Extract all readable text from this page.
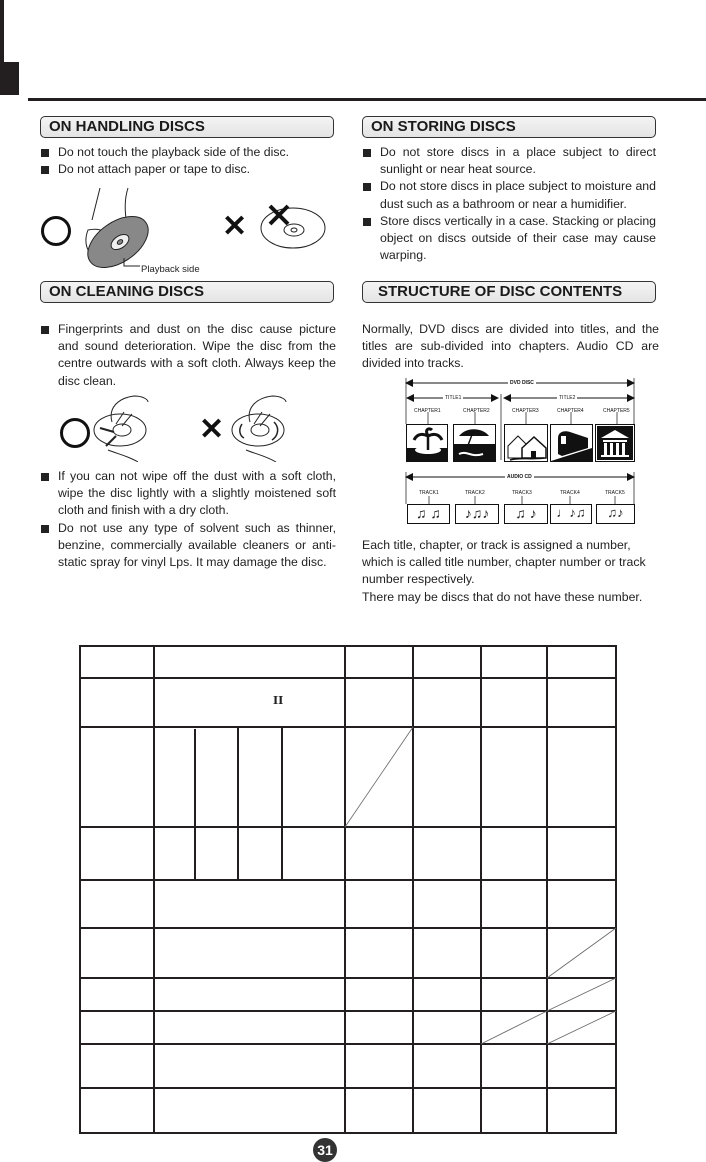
ON HANDLING DISCS
Do not touch the playback side of the disc.
Do not attach paper or tape to disc.
Playback side
✕
ON STORING DISCS
Do not store discs in a place subject to direct sunlight or near heat source.
Do not store discs in place subject to moisture and dust such as a bathroom or near a humidifier.
Store discs vertically in a case. Stacking or placing object on discs outside of their case may cause warping.
ON CLEANING DISCS
Fingerprints and dust on the disc cause picture and sound deterioration. Wipe the disc from the centre outwards with a soft cloth. Always keep the disc clean.
✕
If you can not wipe off the dust with a soft cloth, wipe the disc lightly with a slightly moistened soft cloth and finish with a dry cloth.
Do not use any type of solvent such as thinner, benzine, commercially available cleaners or anti-static spray for vinyl Lps. It may damage the disc.
STRUCTURE OF DISC CONTENTS
Normally, DVD discs are divided into titles, and the titles are sub-divided into chapters. Audio CD are divided into tracks.
DVD DISC
TITLE1	TITLE2
CHAPTER1	CHAPTER2	CHAPTER3	CHAPTER4	CHAPTER5
AUDIO CD
TRACK1	TRACK2	TRACK3	TRACK4	TRACK5
♫ ♫	♪♫♪	♫ ♪	♩♪♫	♫♪
Each title, chapter, or track is assigned a number, which is called title number, chapter number or track number respectively.
There may be discs that do not have these number.
II
31
